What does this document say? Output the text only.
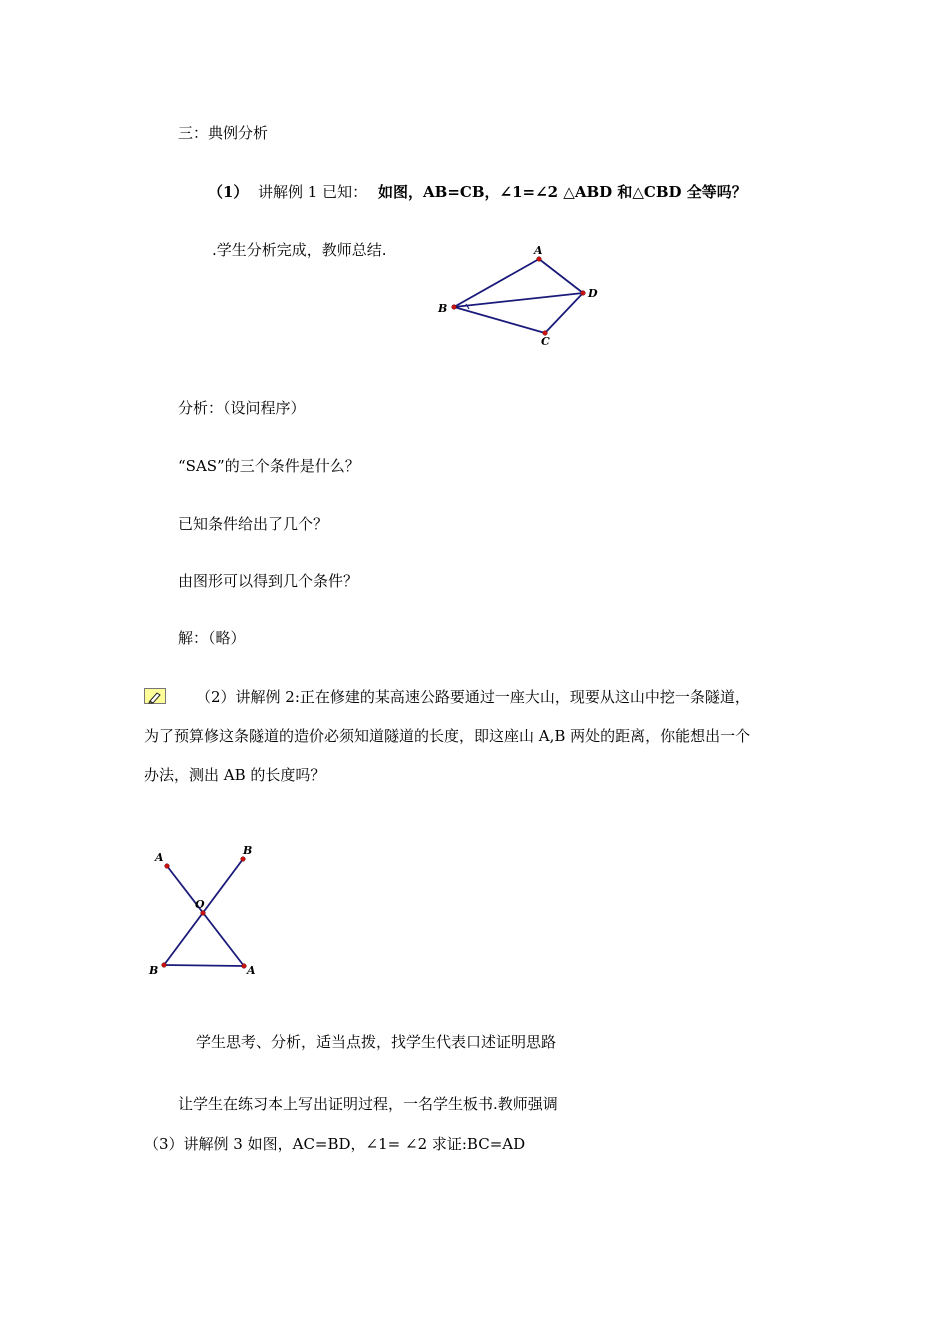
三：典例分析
（1） 讲解例 1 已知： 如图，AB=CB，∠1=∠2 △ABD 和△CBD 全等吗？
.学生分析完成，教师总结.	A
B
D
C
分析：（设问程序）
“SAS”的三个条件是什么？
已知条件给出了几个？
由图形可以得到几个条件？
解：（略）
（2）讲解例 2:正在修建的某高速公路要通过一座大山，现要从这山中挖一条隧道，
为了预算修这条隧道的造价必须知道隧道的长度，即这座山 A,B 两处的距离，你能想出一个
办法，测出 AB 的长度吗？
A
B
O
B	A
学生思考、分析，适当点拨，找学生代表口述证明思路
让学生在练习本上写出证明过程，一名学生板书.教师强调
（3）讲解例 3 如图，AC=BD，∠1= ∠2 求证:BC=AD
